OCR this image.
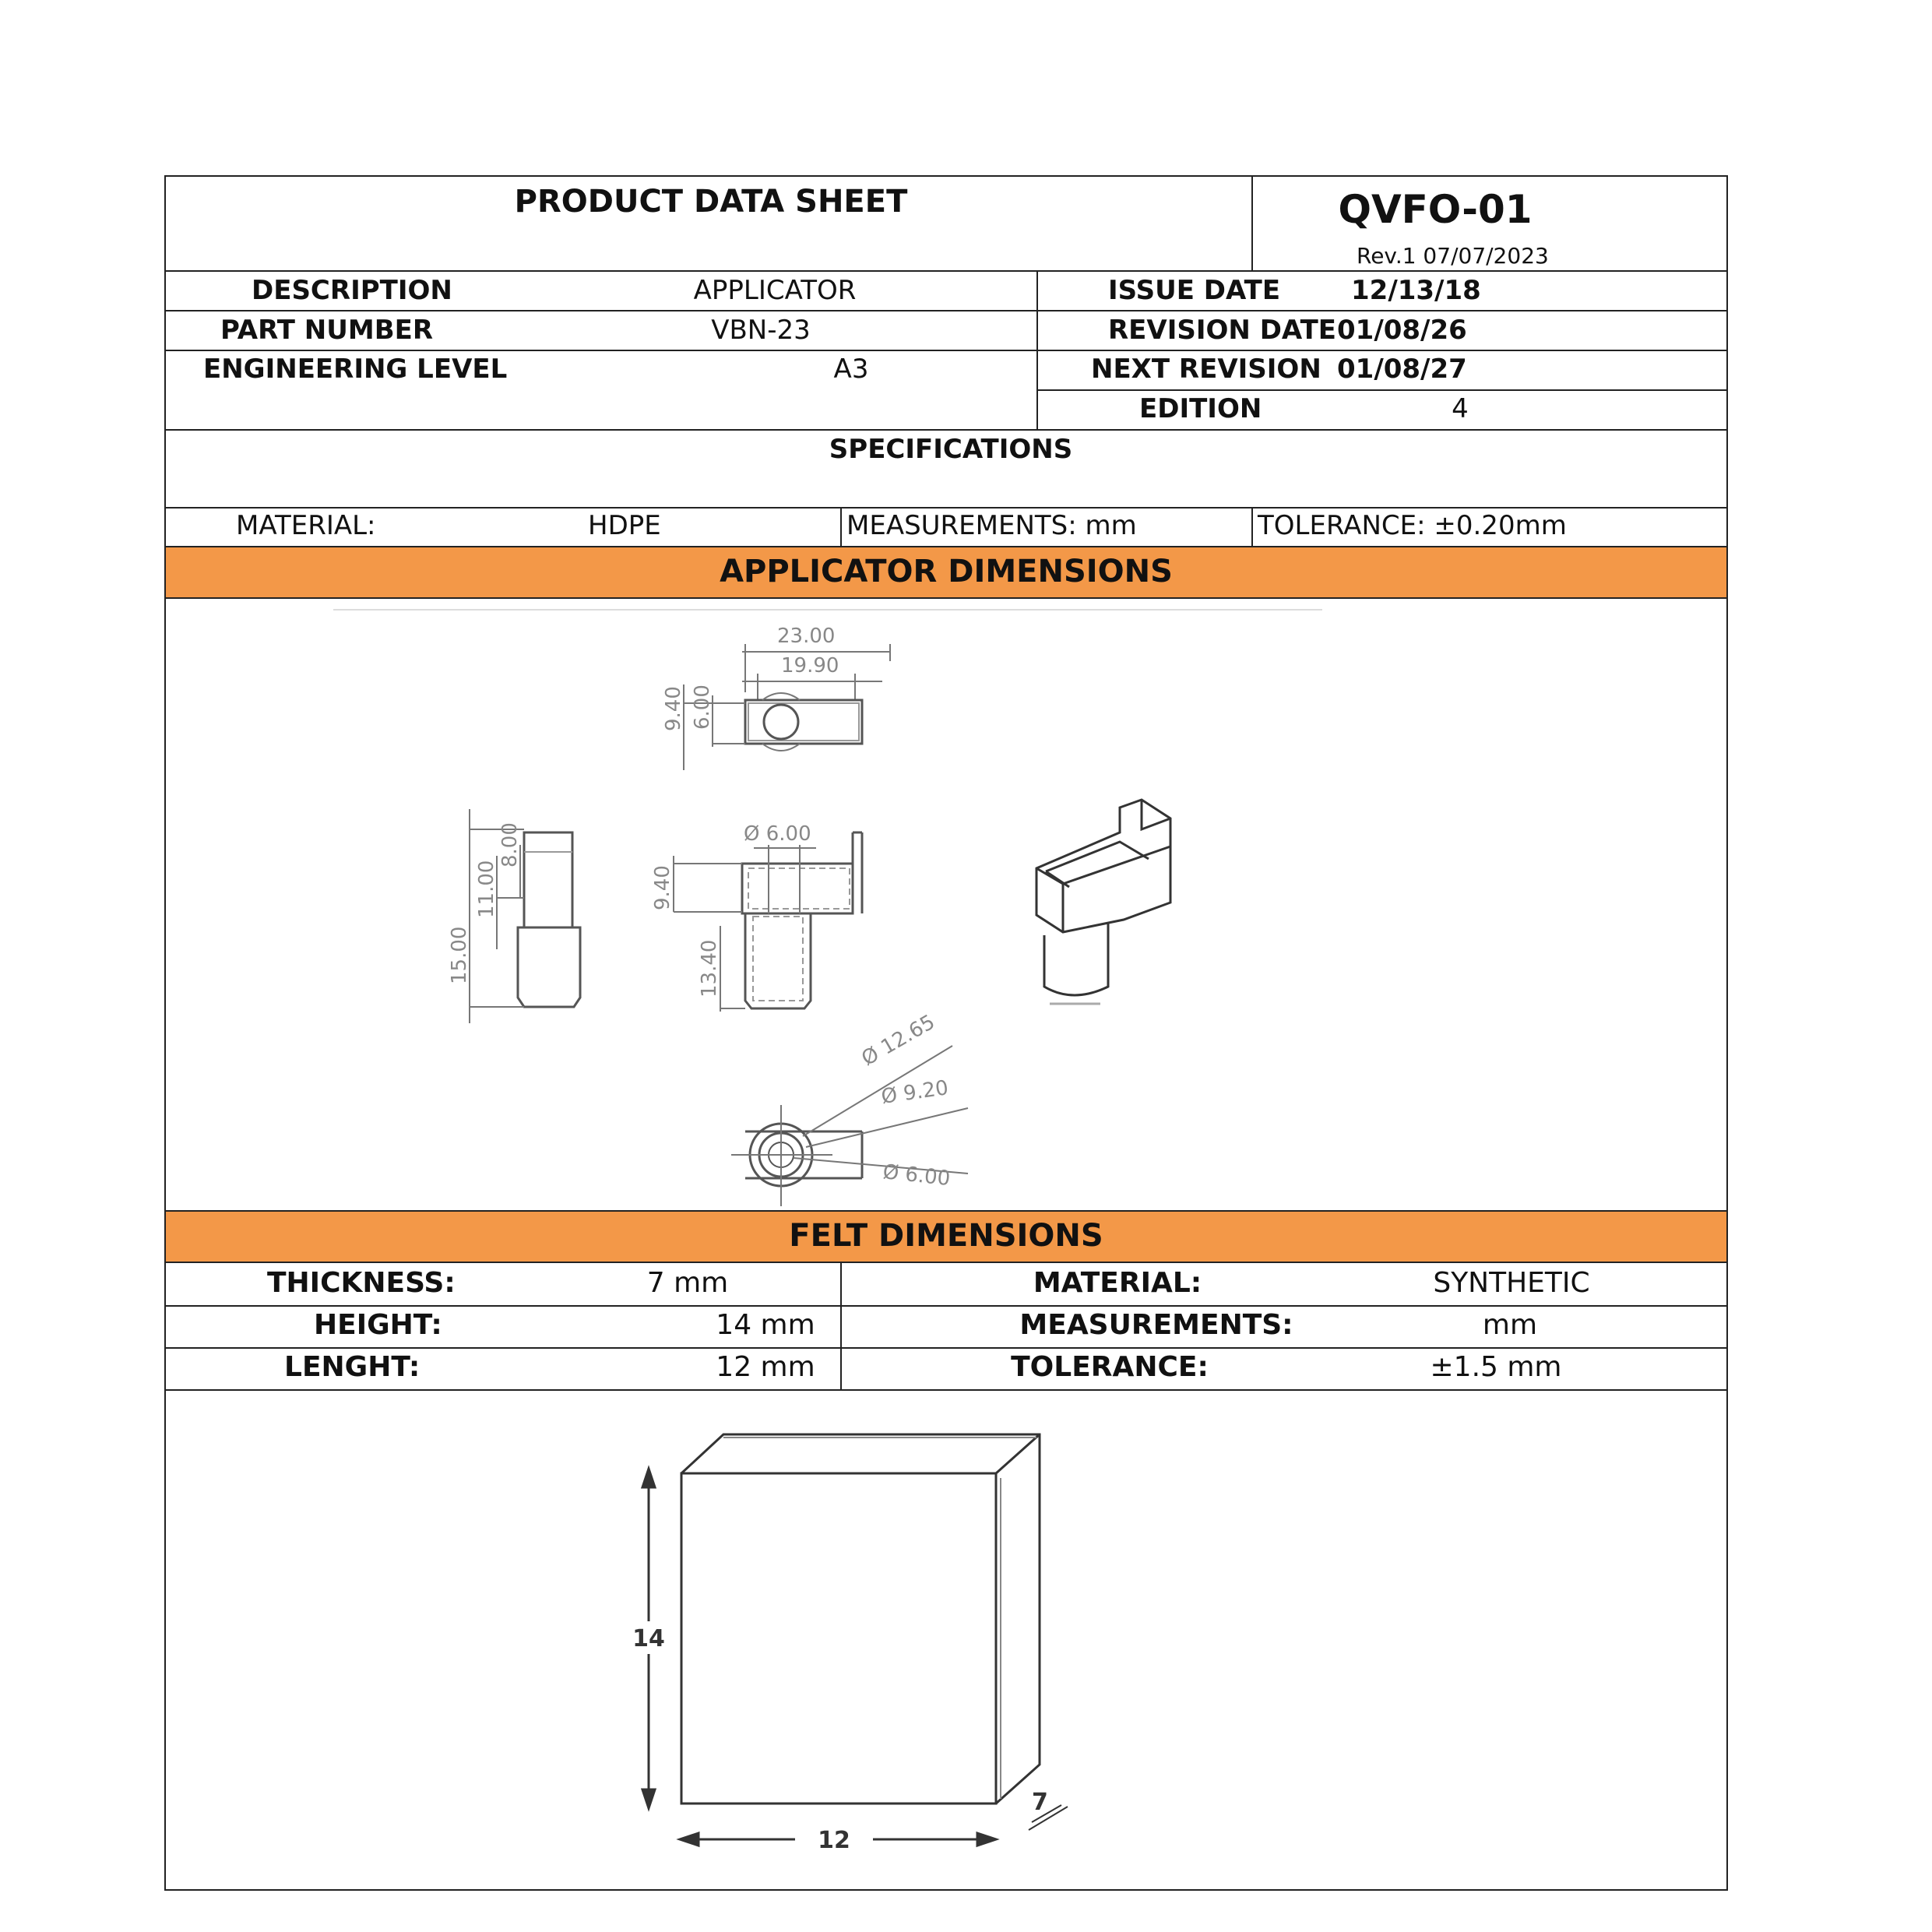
PRODUCT DATA SHEET	QVFO-01
Rev.1 07/07/2023
DESCRIPTION	APPLICATOR
PART NUMBER	VBN-23
ENGINEERING LEVEL	A3
ISSUE DATE	12/13/18
REVISION DATE 01/08/26
NEXT REVISION 01/08/27
EDITION	4
SPECIFICATIONS
MATERIAL:	HDPE	MEASUREMENTS: mm	TOLERANCE: ±0.20mm
APPLICATOR DIMENSIONS
23.00
19.90
9.40 6.00
Ø 6.00
8.00
11.00
15.00
9.40
13.40
Ø 12.65
Ø 9.20
Ø 6.00
FELT DIMENSIONS
THICKNESS:	7 mm
HEIGHT:	14 mm
LENGHT:	12 mm
MATERIAL:	SYNTHETIC
MEASUREMENTS:	mm
TOLERANCE:	±1.5 mm
14
12
7
